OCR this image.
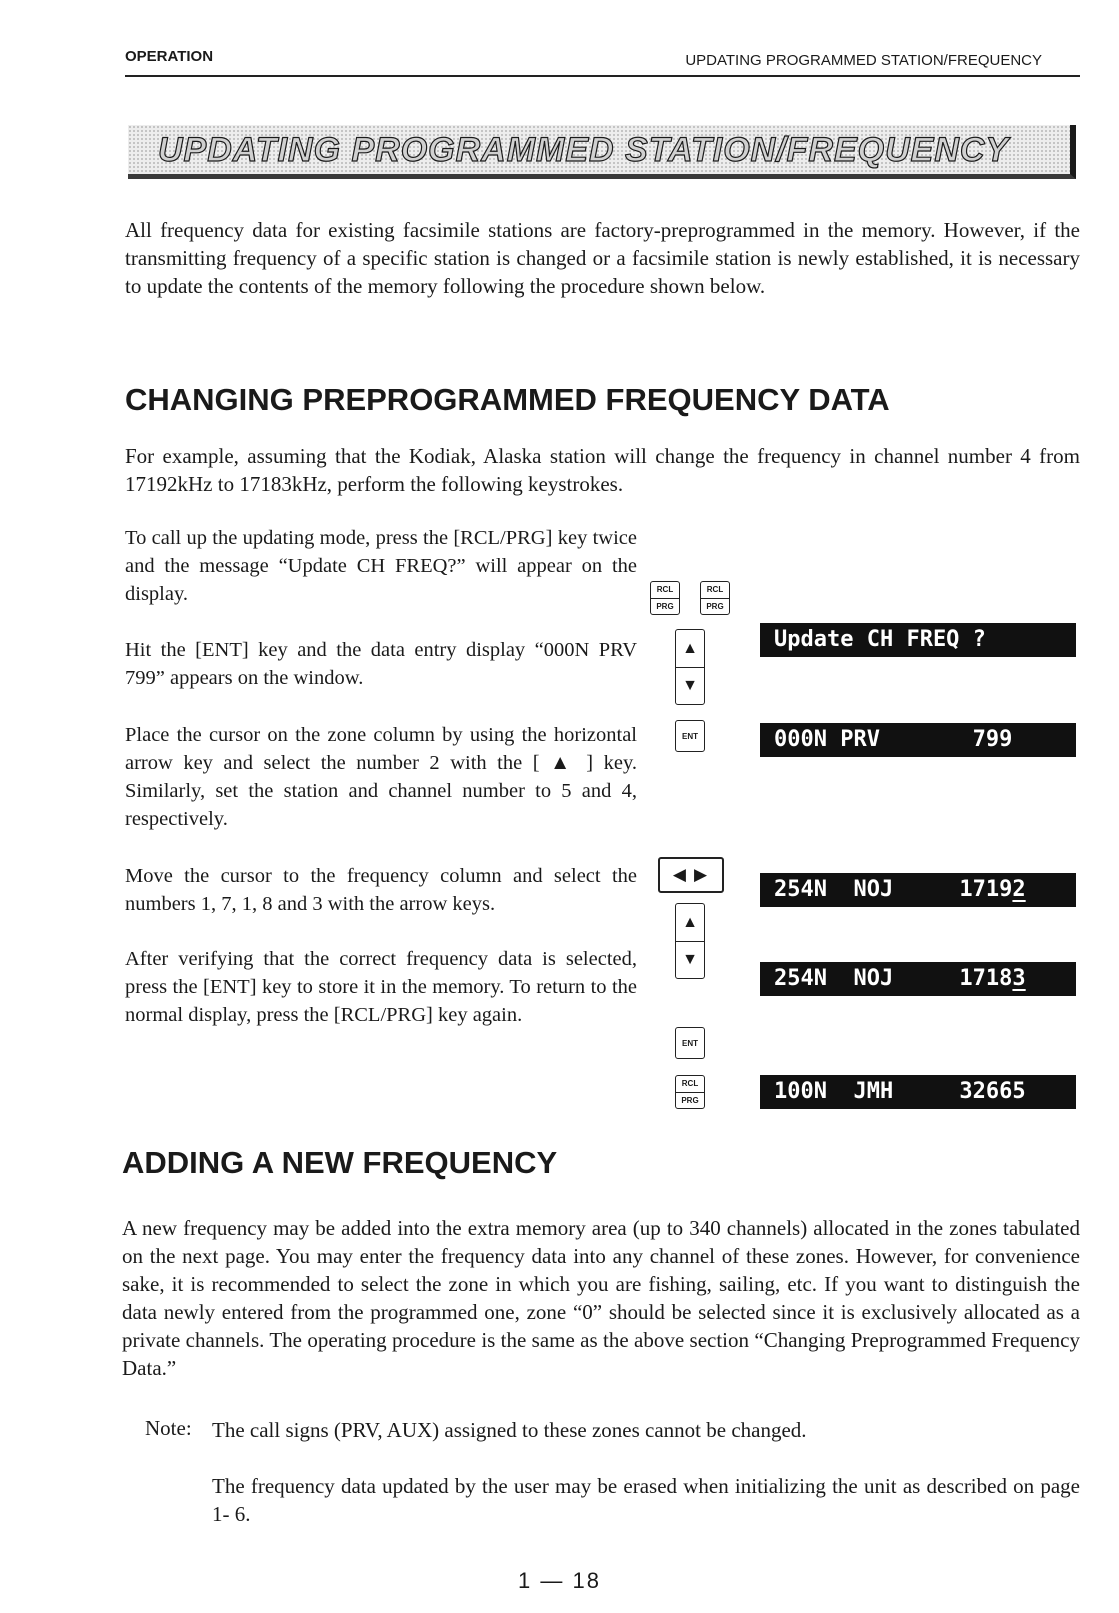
OPERATION	UPDATING PROGRAMMED STATION/FREQUENCY
UPDATING PROGRAMMED STATION/FREQUENCY

All frequency data for existing facsimile stations are factory-preprogrammed in the memory. However, if the transmitting frequency of a specific station is changed or a facsimile station is newly established, it is necessary to update the contents of the memory following the procedure shown below.

CHANGING PREPROGRAMMED FREQUENCY DATA

For example, assuming that the Kodiak, Alaska station will change the frequency in channel number 4 from 17192kHz to 17183kHz, perform the following keystrokes.

To call up the updating mode, press the [RCL/PRG] key twice and the message “Update CH FREQ?” will appear on the display.

Hit the [ENT] key and the data entry display “000N PRV 799” appears on the window.

Place the cursor on the zone column by using the horizontal arrow key and select the number 2 with the [ ▲ ] key. Similarly, set the station and channel number to 5 and 4, respectively.

Move the cursor to the frequency column and select the numbers 1, 7, 1, 8 and 3 with the arrow keys.

After verifying that the correct frequency data is selected, press the [ENT] key to store it in the memory. To return to the normal display, press the [RCL/PRG] key again.

RCL
PRG
RCL
PRG
▲
▼
ENT
◀▶
▲
▼
ENT
RCL
PRG
Update CH FREQ ?
000N PRV       799
254N  NOJ     17192
254N  NOJ     17183
100N  JMH     32665
ADDING A NEW FREQUENCY

A new frequency may be added into the extra memory area (up to 340 channels) allocated in the zones tabulated on the next page. You may enter the frequency data into any channel of these zones. However, for convenience sake, it is recommended to select the zone in which you are fishing, sailing, etc. If you want to distinguish the data newly entered from the programmed one, zone “0” should be selected since it is exclusively allocated as a private channels. The operating procedure is the same as the above section “Changing Preprogrammed Frequency Data.”

Note: The call signs (PRV, AUX) assigned to these zones cannot be changed.

The frequency data updated by the user may be erased when initializing the unit as described on page 1- 6.

1 — 18
